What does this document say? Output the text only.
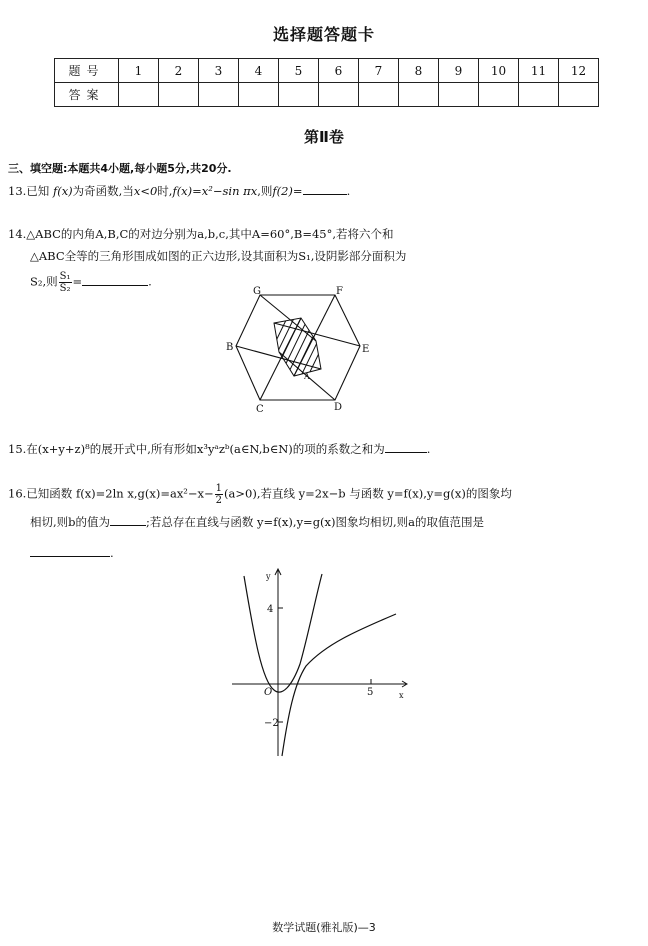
选择题答题卡
题号	1	2	3	4	5	6	7	8	9	10	11	12
答案												
第Ⅱ卷
三、填空题:本题共4小题,每小题5分,共20分.
13.已知 f(x)为奇函数,当x<0时,f(x)=x²−sin πx,则f(2)=	.
14.△ABC的内角A,B,C的对边分别为a,b,c,其中A=60°,B=45°,若将六个和
△ABC全等的三角形围成如图的正六边形,设其面积为S₁,设阴影部分面积为
S₂,则 $\frac{\text{S₁}}{\text{S₂}}$ =	.
G	F
B	E
C	D
A
15.在(x+y+z)⁸的展开式中,所有形如x³yᵃzᵇ(a∈N,b∈N)的项的系数之和为	.
16.已知函数 f(x)=2ln $x,g(x)=ax^2-x- \frac{1}{2} (a>0)$,若直线 y=2x−b 与函数 y=f(x),y=g(x)的图象均
相切,则b的值为	;若总存在直线与函数 y=f(x),y=g(x)图象均相切,则a的取值范围是
.
y
x
O
4
5
−2
数学试题(雅礼版)—3
